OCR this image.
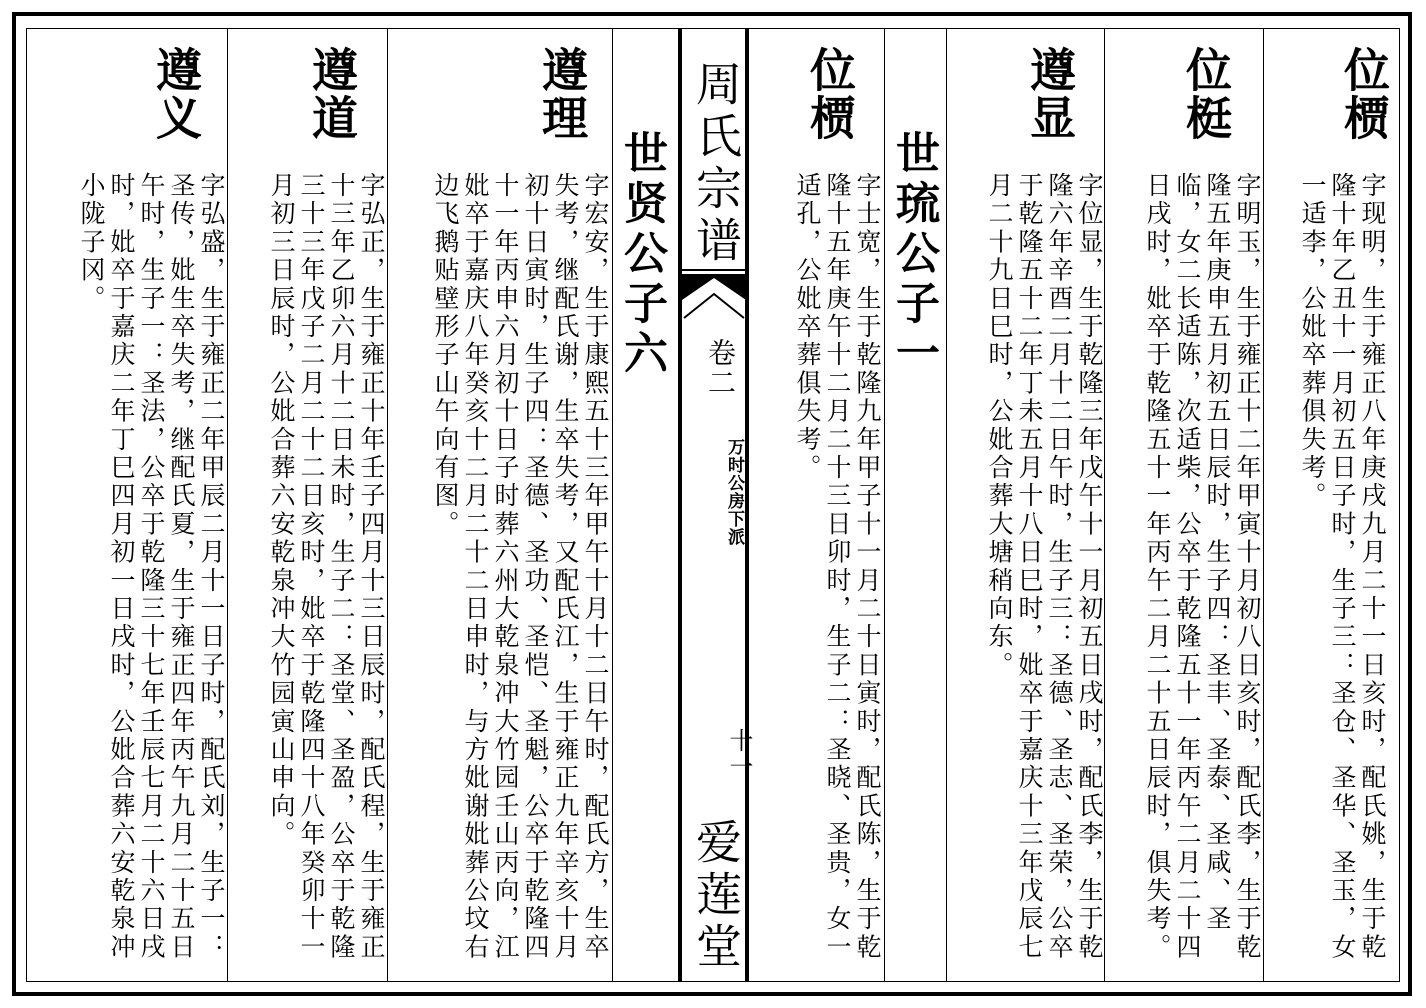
周氏宗谱
卷二
万时公房下派
十一
爱莲堂
位槚
字现明，生于雍正八年庚戌九月二十一日亥时，配氏姚，生于乾隆十年乙丑十一月初五日子时，生子三：圣仓、圣华、圣玉，女一适李，公妣卒葬俱失考。
位梃
字明玉，生于雍正十二年甲寅十月初八日亥时，配氏李，生于乾隆五年庚申五月初五日辰时，生子四：圣丰、圣泰、圣咸、圣临，女二长适陈，次适柴，公卒于乾隆五十一年丙午二月二十四日戌时，妣卒于乾隆五十一年丙午二月二十五日辰时，俱失考。
遵显
字位显，生于乾隆三年戊午十一月初五日戌时，配氏李，生于乾隆六年辛酉二月十二日午时，生子三：圣德、圣志、圣荣，公卒于乾隆五十二年丁未五月十八日巳时，妣卒于嘉庆十三年戊辰七月二十九日巳时，公妣合葬大塘稍向东。
世琉公子一
位槚
字士宽，生于乾隆九年甲子十一月二十日寅时，配氏陈，生于乾隆十五年庚午十二月二十三日卯时，生子二：圣晓、圣贵，女一适孔，公妣卒葬俱失考。
世贤公子六
遵理
字宏安，生于康熙五十三年甲午十月十二日午时，配氏方，生卒失考，继配氏谢，生卒失考，又配氏江，生于雍正九年辛亥十月初十日寅时，生子四：圣德、圣功、圣恺、圣魁，公卒于乾隆四十一年丙申六月初十日子时葬六州大乾泉冲大竹园壬山丙向，江妣卒于嘉庆八年癸亥十二月二十二日申时，与方妣谢妣葬公坟右边飞鹅贴壁形子山午向有图。
遵道
字弘正，生于雍正十年壬子四月十三日辰时，配氏程，生于雍正十三年乙卯六月十二日未时，生子二：圣堂、圣盈，公卒于乾隆三十三年戊子二月二十二日亥时，妣卒于乾隆四十八年癸卯十一月初三日辰时，公妣合葬六安乾泉冲大竹园寅山申向。
遵义
字弘盛，生于雍正二年甲辰二月十一日子时，配氏刘，生子一：圣传，妣生卒失考，继配氏夏，生于雍正四年丙午九月二十五日午时，生子一：圣法，公卒于乾隆三十七年壬辰七月二十六日戌时，妣卒于嘉庆二年丁巳四月初一日戌时，公妣合葬六安乾泉冲小陇子冈。
